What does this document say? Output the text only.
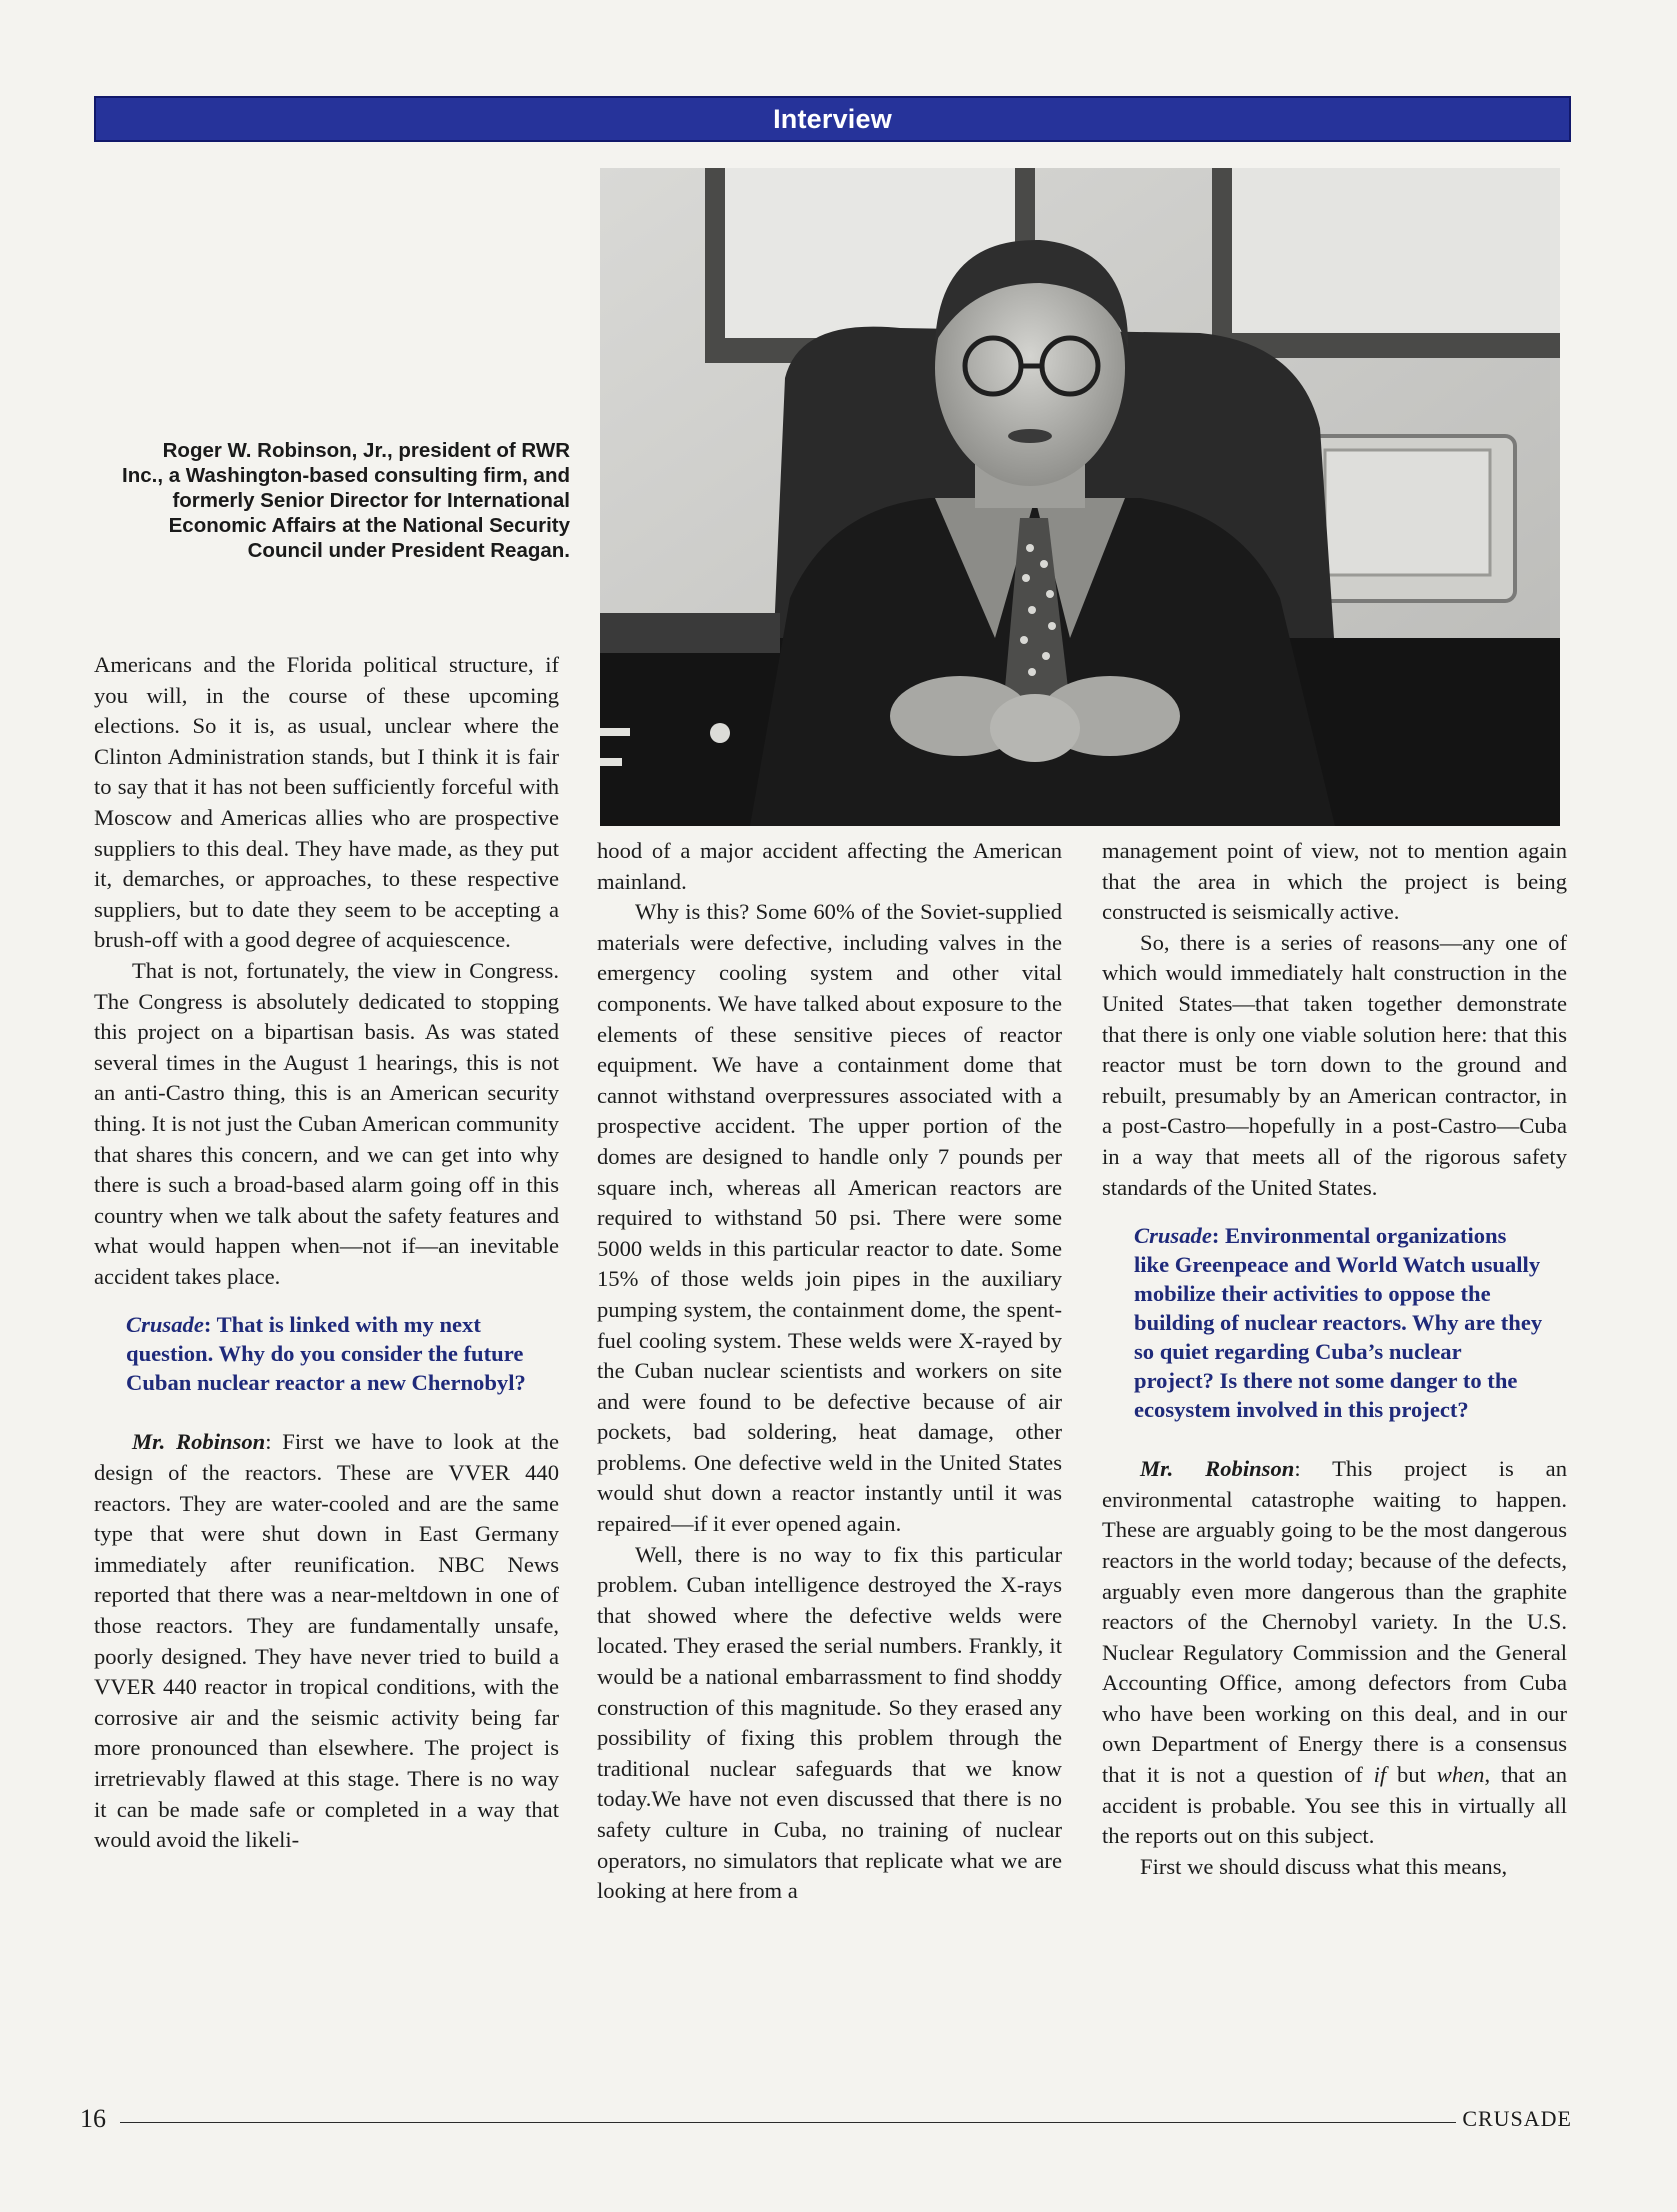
Interview
Roger W. Robinson, Jr., president of RWR Inc., a Washington-based consulting firm, and formerly Senior Director for International Economic Affairs at the National Security Council under President Reagan.

Americans and the Florida political structure, if you will, in the course of these upcoming elections. So it is, as usual, unclear where the Clinton Administration stands, but I think it is fair to say that it has not been sufficiently forceful with Moscow and Americas allies who are prospective suppliers to this deal. They have made, as they put it, demarches, or approaches, to these respective suppliers, but to date they seem to be accepting a brush-off with a good degree of acquiescence.

That is not, fortunately, the view in Congress. The Congress is absolutely dedicated to stopping this project on a bipartisan basis. As was stated several times in the August 1 hearings, this is not an anti-Castro thing, this is an American security thing. It is not just the Cuban American community that shares this concern, and we can get into why there is such a broad-based alarm going off in this country when we talk about the safety features and what would happen when—not if—an inevitable accident takes place.

Crusade: That is linked with my next question. Why do you consider the future Cuban nuclear reactor a new Chernobyl?

Mr. Robinson: First we have to look at the design of the reactors. These are VVER 440 reactors. They are water-cooled and are the same type that were shut down in East Germany immediately after reunification. NBC News reported that there was a near-meltdown in one of those reactors. They are fundamentally unsafe, poorly designed. They have never tried to build a VVER 440 reactor in tropical conditions, with the corrosive air and the seismic activity being far more pronounced than elsewhere. The project is irretrievably flawed at this stage. There is no way it can be made safe or completed in a way that would avoid the likeli-

hood of a major accident affecting the American mainland.

Why is this? Some 60% of the Soviet-supplied materials were defective, including valves in the emergency cooling system and other vital components. We have talked about exposure to the elements of these sensitive pieces of reactor equipment. We have a containment dome that cannot withstand overpressures associated with a prospective accident. The upper portion of the domes are designed to handle only 7 pounds per square inch, whereas all American reactors are required to withstand 50 psi. There were some 5000 welds in this particular reactor to date. Some 15% of those welds join pipes in the auxiliary pumping system, the containment dome, the spent-fuel cooling system. These welds were X-rayed by the Cuban nuclear scientists and workers on site and were found to be defective because of air pockets, bad soldering, heat damage, other problems. One defective weld in the United States would shut down a reactor instantly until it was repaired—if it ever opened again.

Well, there is no way to fix this particular problem. Cuban intelligence destroyed the X-rays that showed where the defective welds were located. They erased the serial numbers. Frankly, it would be a national embarrassment to find shoddy construction of this magnitude. So they erased any possibility of fixing this problem through the traditional nuclear safeguards that we know today.We have not even discussed that there is no safety culture in Cuba, no training of nuclear operators, no simulators that replicate what we are looking at here from a

management point of view, not to mention again that the area in which the project is being constructed is seismically active.

So, there is a series of reasons—any one of which would immediately halt construction in the United States—that taken together demonstrate that there is only one viable solution here: that this reactor must be torn down to the ground and rebuilt, presumably by an American contractor, in a post-Castro—hopefully in a post-Castro—Cuba in a way that meets all of the rigorous safety standards of the United States.

Crusade: Environmental organizations like Greenpeace and World Watch usually mobilize their activities to oppose the building of nuclear reactors. Why are they so quiet regarding Cuba’s nuclear project? Is there not some danger to the ecosystem involved in this project?

Mr. Robinson: This project is an environmental catastrophe waiting to happen. These are arguably going to be the most dangerous reactors in the world today; because of the defects, arguably even more dangerous than the graphite reactors of the Chernobyl variety. In the U.S. Nuclear Regulatory Commission and the General Accounting Office, among defectors from Cuba who have been working on this deal, and in our own Department of Energy there is a consensus that it is not a question of if but when, that an accident is probable. You see this in virtually all the reports out on this subject.

First we should discuss what this means,

16	CRUSADE
